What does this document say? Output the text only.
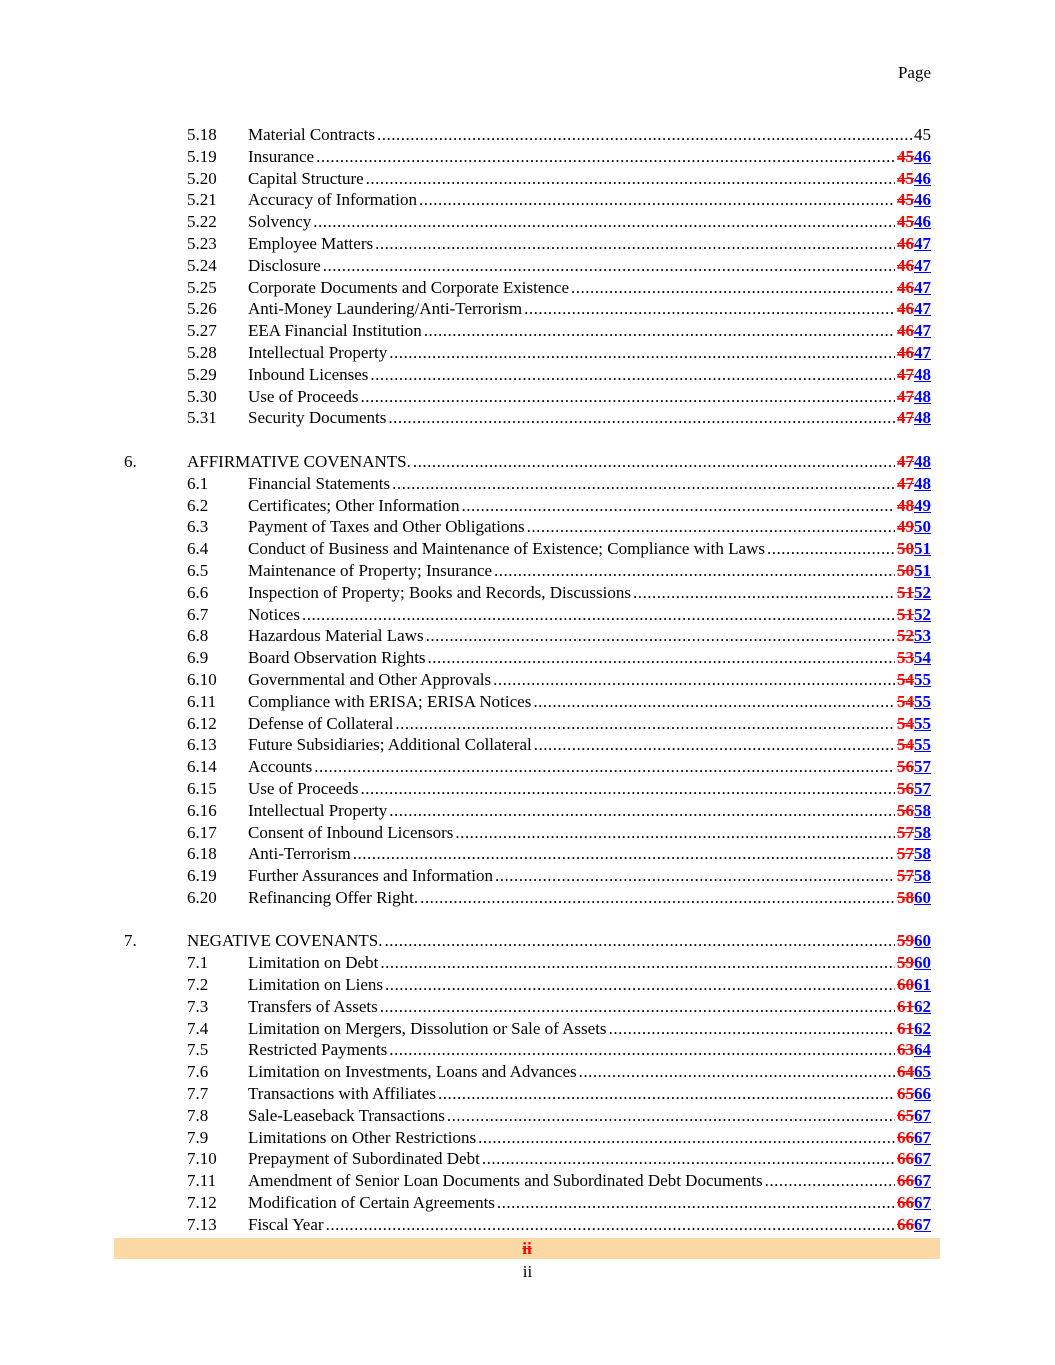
Page
5.18 Material Contracts .....	45
5.19 Insurance .....	4546
5.20 Capital Structure .....	4546
5.21 Accuracy of Information .....	4546
5.22 Solvency .....	4546
5.23 Employee Matters .....	4647
5.24 Disclosure .....	4647
5.25 Corporate Documents and Corporate Existence .....	4647
5.26 Anti-Money Laundering/Anti-Terrorism .....	4647
5.27 EEA Financial Institution .....	4647
5.28 Intellectual Property .....	4647
5.29 Inbound Licenses .....	4748
5.30 Use of Proceeds .....	4748
5.31 Security Documents .....	4748
6.	AFFIRMATIVE COVENANTS. .....	4748
6.1 Financial Statements .....	4748
6.2 Certificates; Other Information .....	4849
6.3 Payment of Taxes and Other Obligations .....	4950
6.4 Conduct of Business and Maintenance of Existence; Compliance with Laws .....	5051
6.5 Maintenance of Property; Insurance .....	5051
6.6 Inspection of Property; Books and Records, Discussions .....	5152
6.7 Notices .....	5152
6.8 Hazardous Material Laws .....	5253
6.9 Board Observation Rights .....	5354
6.10 Governmental and Other Approvals .....	5455
6.11 Compliance with ERISA; ERISA Notices .....	5455
6.12 Defense of Collateral .....	5455
6.13 Future Subsidiaries; Additional Collateral .....	5455
6.14 Accounts .....	5657
6.15 Use of Proceeds .....	5657
6.16 Intellectual Property .....	5658
6.17 Consent of Inbound Licensors .....	5758
6.18 Anti-Terrorism .....	5758
6.19 Further Assurances and Information .....	5758
6.20 Refinancing Offer Right. .....	5860
7.	NEGATIVE COVENANTS. .....	5960
7.1 Limitation on Debt .....	5960
7.2 Limitation on Liens .....	6061
7.3 Transfers of Assets .....	6162
7.4 Limitation on Mergers, Dissolution or Sale of Assets .....	6162
7.5 Restricted Payments .....	6364
7.6 Limitation on Investments, Loans and Advances .....	6465
7.7 Transactions with Affiliates .....	6566
7.8 Sale-Leaseback Transactions .....	6567
7.9 Limitations on Other Restrictions .....	6667
7.10 Prepayment of Subordinated Debt .....	6667
7.11 Amendment of Senior Loan Documents and Subordinated Debt Documents .....	6667
7.12 Modification of Certain Agreements .....	6667
7.13 Fiscal Year .....	6667
ii
ii
